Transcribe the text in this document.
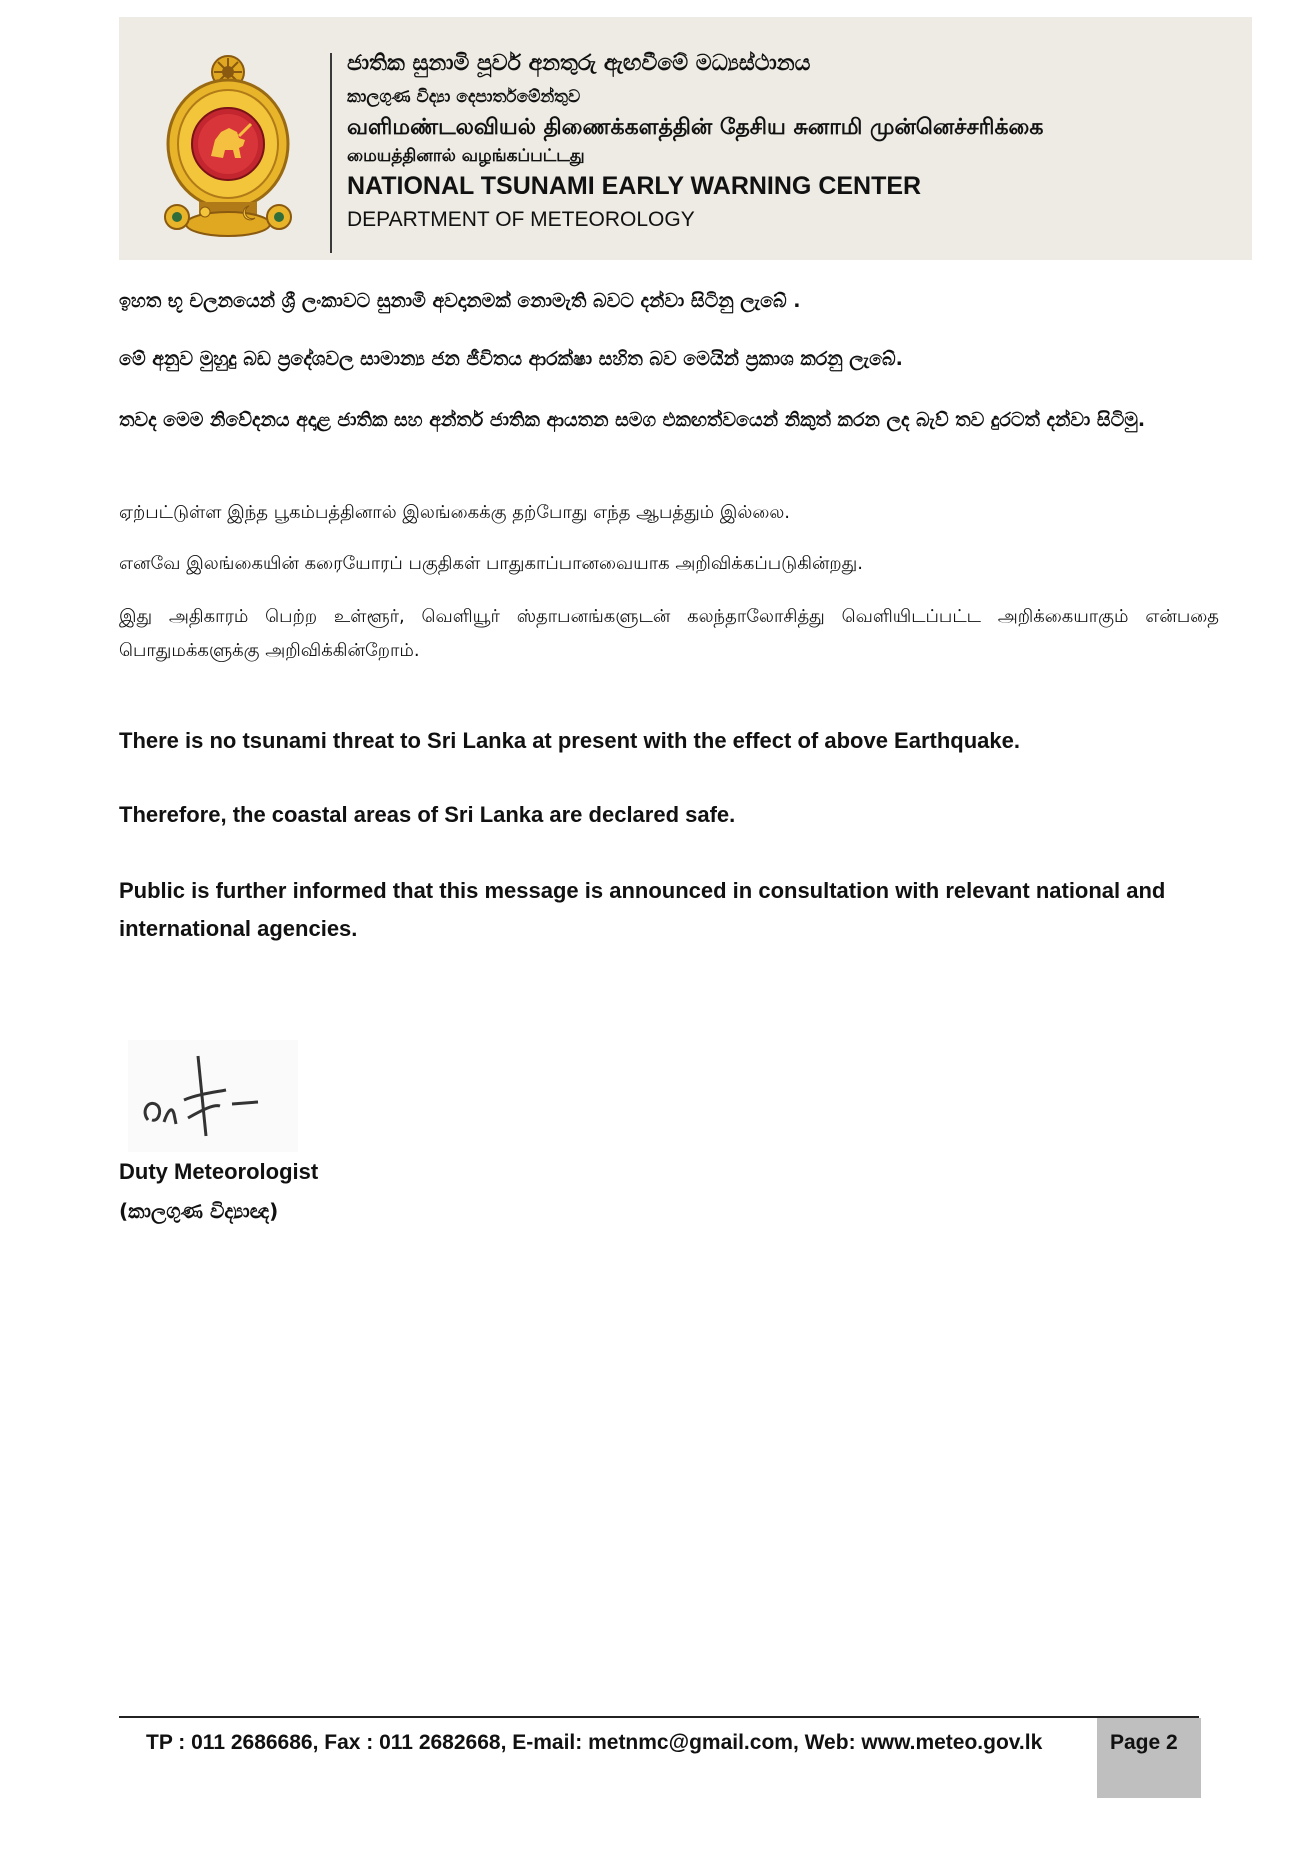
ජාතික සුනාමි පූර්ව අනතුරු ඇඟවීමේ මධ්‍යස්ථානය
කාලගුණ විද්‍යා දෙපාර්තමේන්තුව
வளிமண்டலவியல் திணைக்களத்தின் தேசிய சுனாமி முன்னெச்சரிக்கை
மையத்தினால் வழங்கப்பட்டது
NATIONAL TSUNAMI EARLY WARNING CENTER
DEPARTMENT OF METEOROLOGY

ඉහත භූ චලනයෙන් ශ්‍රී ලංකාවට සුනාමි අවදානමක් නොමැති බවට දන්වා සිටිනු ලැබේ .

මේ අනුව මුහුදු බඩ ප්‍රදේශවල සාමාන්‍ය ජන ජීවිතය ආරක්ෂා සහිත බව මෙයින් ප්‍රකාශ කරනු ලැබේ.

තවද මෙම නිවේදනය අදාළ ජාතික සහ අන්තර් ජාතික ආයතන සමග එකඟත්වයෙන් නිකුත් කරන ලද බැව් තව දුරටත් දන්වා සිටිමු.

ஏற்பட்டுள்ள இந்த பூகம்பத்தினால் இலங்கைக்கு தற்போது எந்த ஆபத்தும் இல்லை.

எனவே இலங்கையின் கரையோரப் பகுதிகள் பாதுகாப்பானவையாக அறிவிக்கப்படுகின்றது.

இது அதிகாரம் பெற்ற உள்ளூர், வெளியூர் ஸ்தாபனங்களுடன் கலந்தாலோசித்து வெளியிடப்பட்ட அறிக்கையாகும் என்பதை பொதுமக்களுக்கு அறிவிக்கின்றோம்.

There is no tsunami threat to Sri Lanka at present with the effect of above Earthquake.

Therefore, the coastal areas of Sri Lanka are declared safe.

Public is further informed that this message is announced in consultation with relevant national and international agencies.

Duty Meteorologist
(කාලගුණ විද්‍යාඥ)
TP : 011 2686686, Fax : 011 2682668, E-mail: metnmc@gmail.com, Web: www.meteo.gov.lk	Page 2
